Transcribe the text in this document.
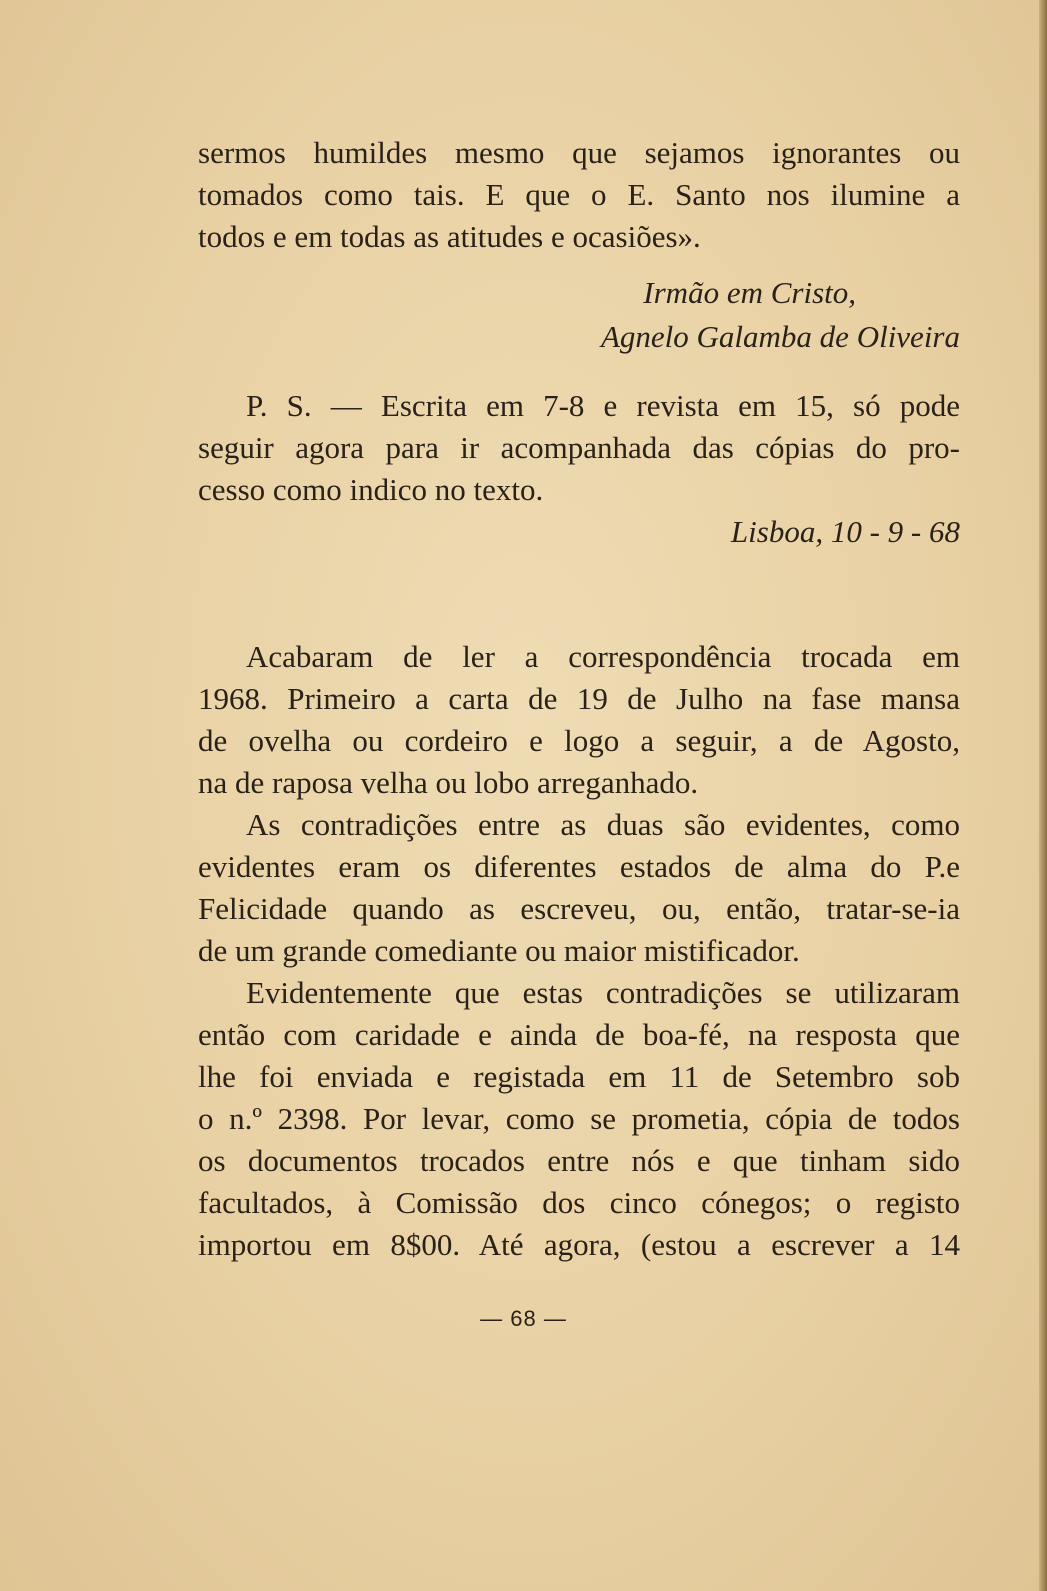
sermos humildes mesmo que sejamos ignorantes ou
tomados como tais. E que o E. Santo nos ilumine a
todos e em todas as atitudes e ocasiões».
Irmão em Cristo,
Agnelo Galamba de Oliveira
P. S. — Escrita em 7-8 e revista em 15, só pode
seguir agora para ir acompanhada das cópias do pro-
cesso como indico no texto.
Lisboa, 10 - 9 - 68
Acabaram de ler a correspondência trocada em
1968. Primeiro a carta de 19 de Julho na fase mansa
de ovelha ou cordeiro e logo a seguir, a de Agosto,
na de raposa velha ou lobo arreganhado.
As contradições entre as duas são evidentes, como
evidentes eram os diferentes estados de alma do P.e
Felicidade quando as escreveu, ou, então, tratar-se-ia
de um grande comediante ou maior mistificador.
Evidentemente que estas contradições se utilizaram
então com caridade e ainda de boa-fé, na resposta que
lhe foi enviada e registada em 11 de Setembro sob
o n.º 2398. Por levar, como se prometia, cópia de todos
os documentos trocados entre nós e que tinham sido
facultados, à Comissão dos cinco cónegos; o registo
importou em 8$00. Até agora, (estou a escrever a 14
— 68 —
